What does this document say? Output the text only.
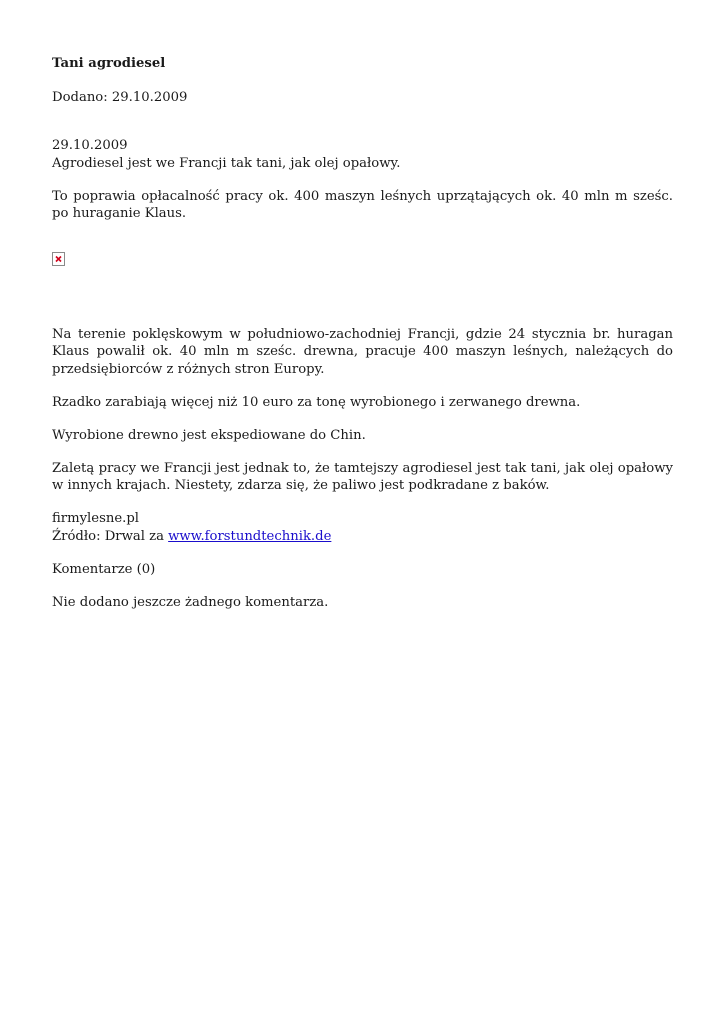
Tani agrodiesel

Dodano: 29.10.2009

29.10.2009
Agrodiesel jest we Francji tak tani, jak olej opałowy.

To poprawia opłacalność pracy ok. 400 maszyn leśnych uprzątających ok. 40 mln m sześc. po huraganie Klaus.

Na terenie poklęskowym w południowo-zachodniej Francji, gdzie 24 stycznia br. huragan Klaus powalił ok. 40 mln m sześc. drewna, pracuje 400 maszyn leśnych, należących do przedsiębiorców z różnych stron Europy.

Rzadko zarabiają więcej niż 10 euro za tonę wyrobionego i zerwanego drewna.

Wyrobione drewno jest ekspediowane do Chin.

Zaletą pracy we Francji jest jednak to, że tamtejszy agrodiesel jest tak tani, jak olej opałowy w innych krajach. Niestety, zdarza się, że paliwo jest podkradane z baków.

firmylesne.pl
Źródło: Drwal za www.forstundtechnik.de

Komentarze (0)

Nie dodano jeszcze żadnego komentarza.
